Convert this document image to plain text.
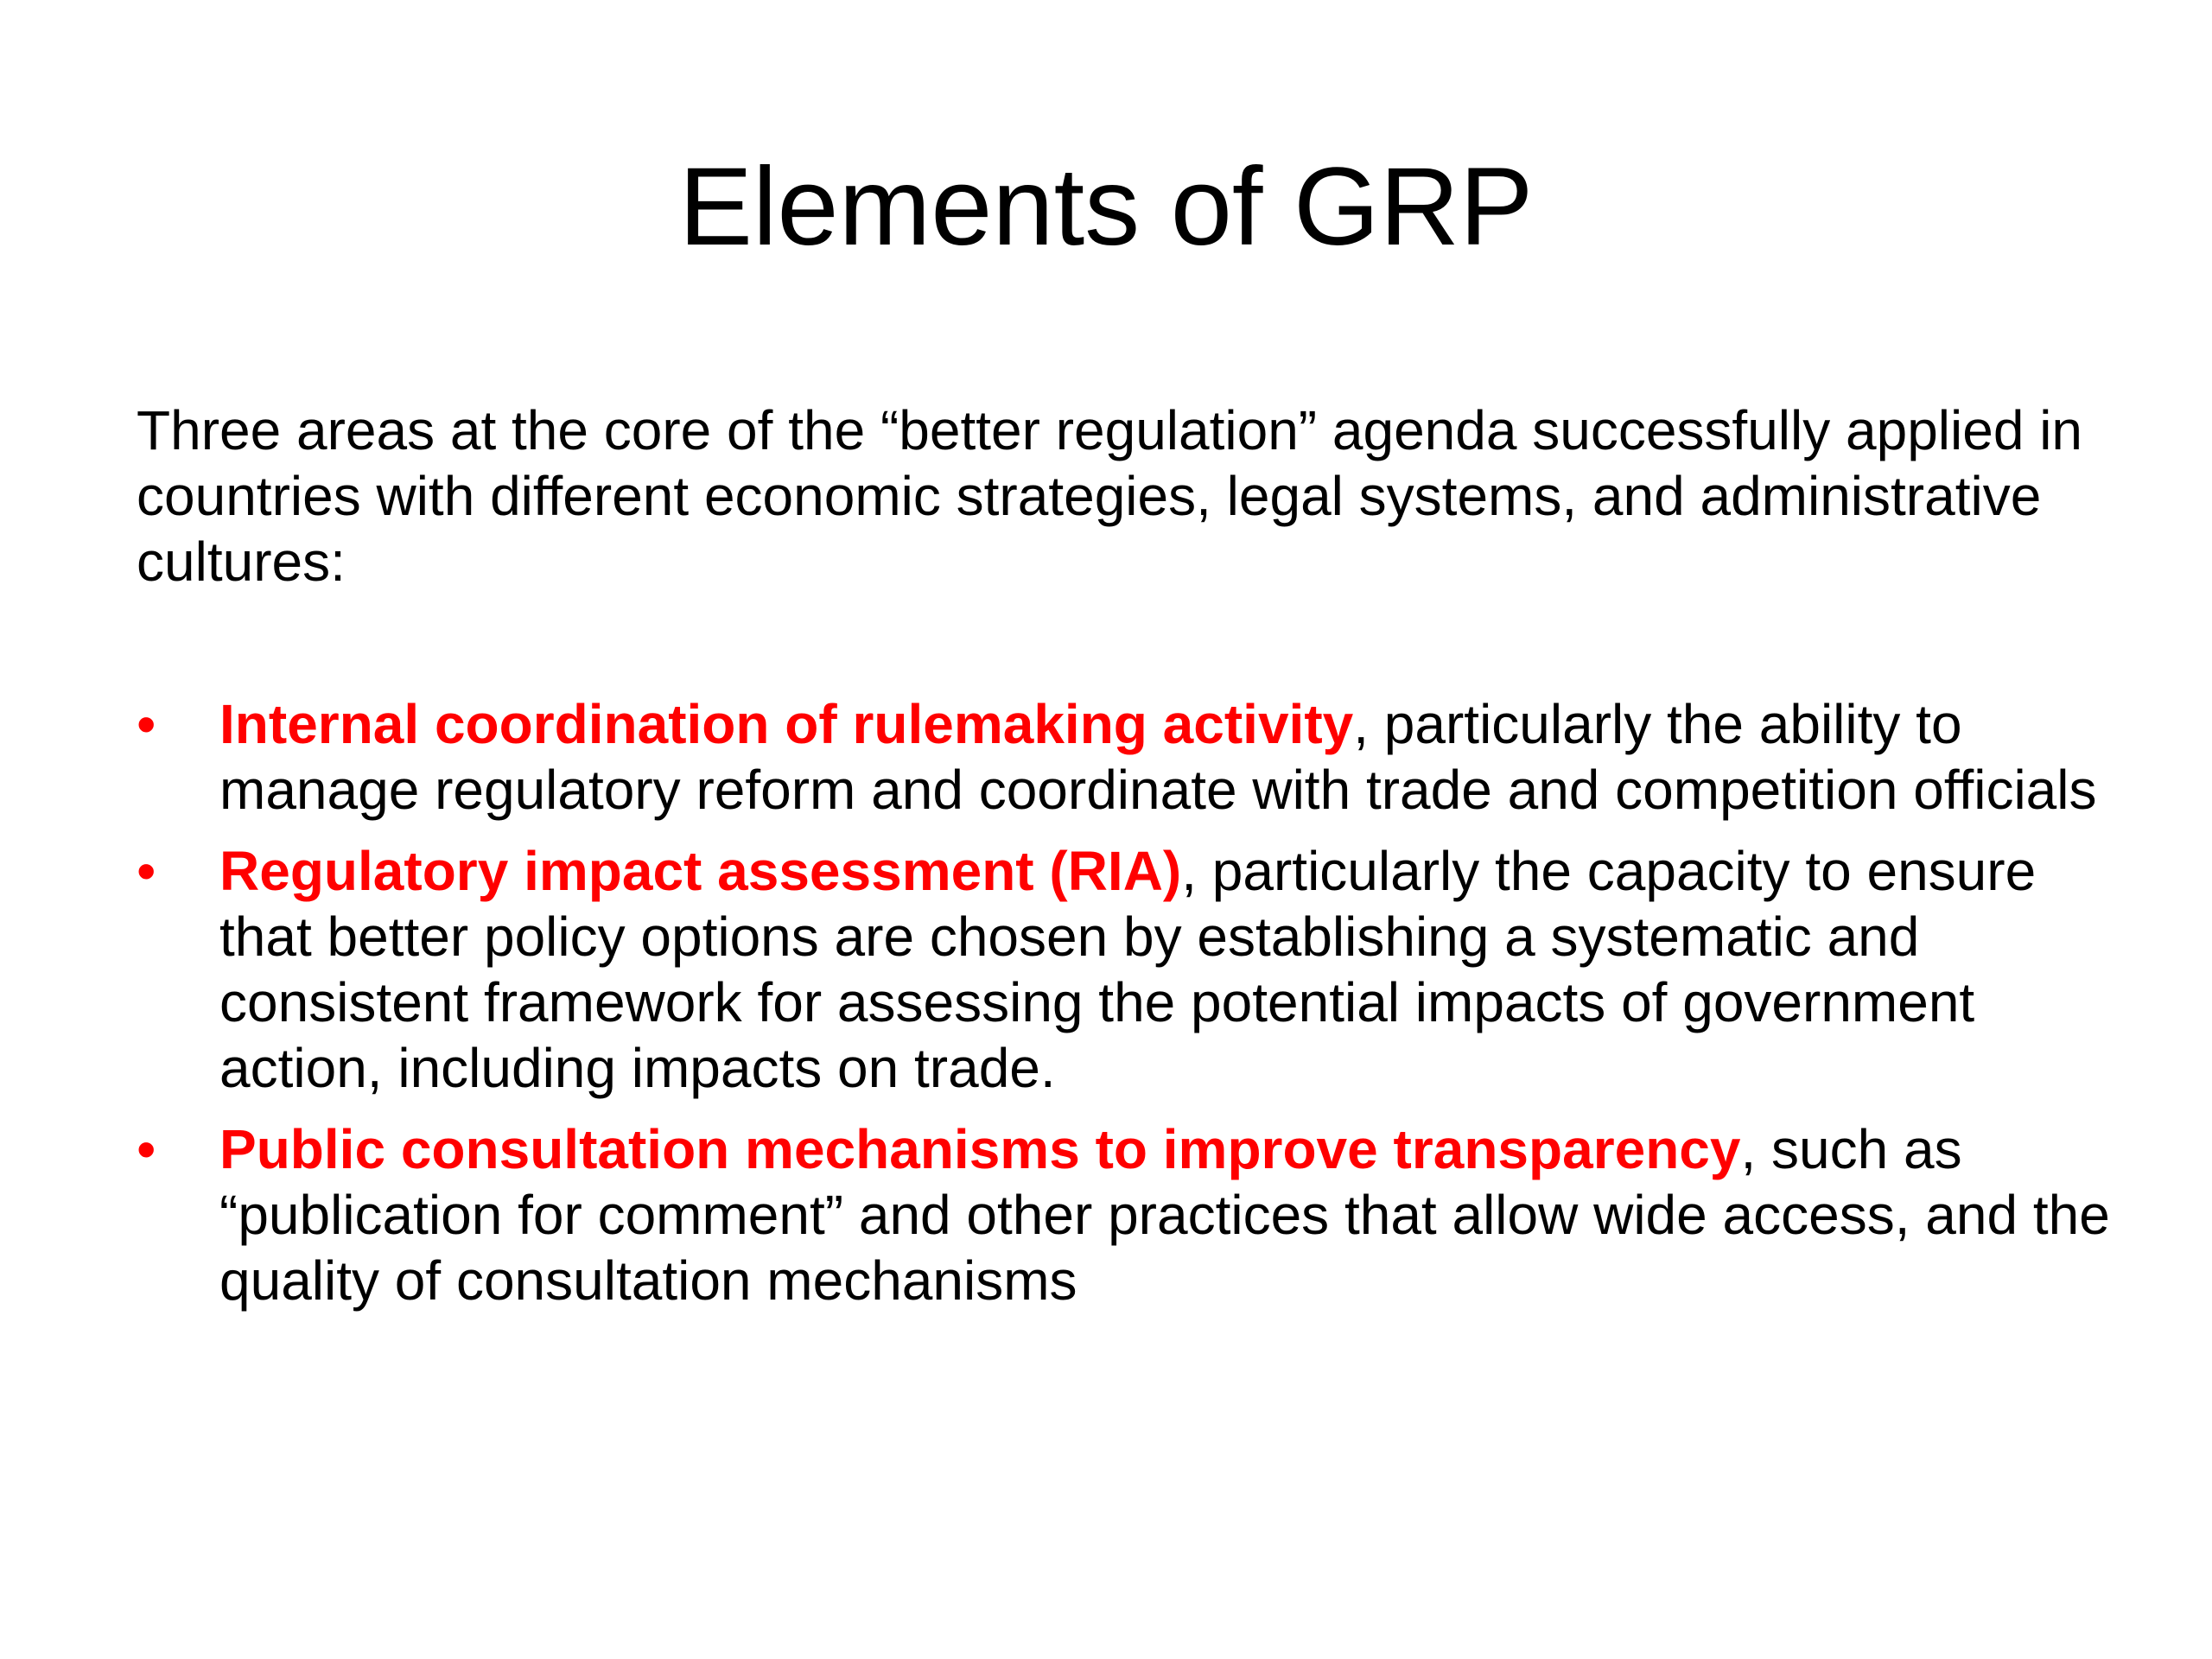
Elements of GRP

Three areas at the core of the “better regulation” agenda successfully applied in countries with different economic strategies, legal systems, and administrative cultures:

• Internal coordination of rulemaking activity, particularly the ability to manage regulatory reform and coordinate with trade and competition officials
• Regulatory impact assessment (RIA), particularly the capacity to ensure that better policy options are chosen by establishing a systematic and consistent framework for assessing the potential impacts of government action, including impacts on trade.
• Public consultation mechanisms to improve transparency, such as “publication for comment” and other practices that allow wide access, and the quality of consultation mechanisms
